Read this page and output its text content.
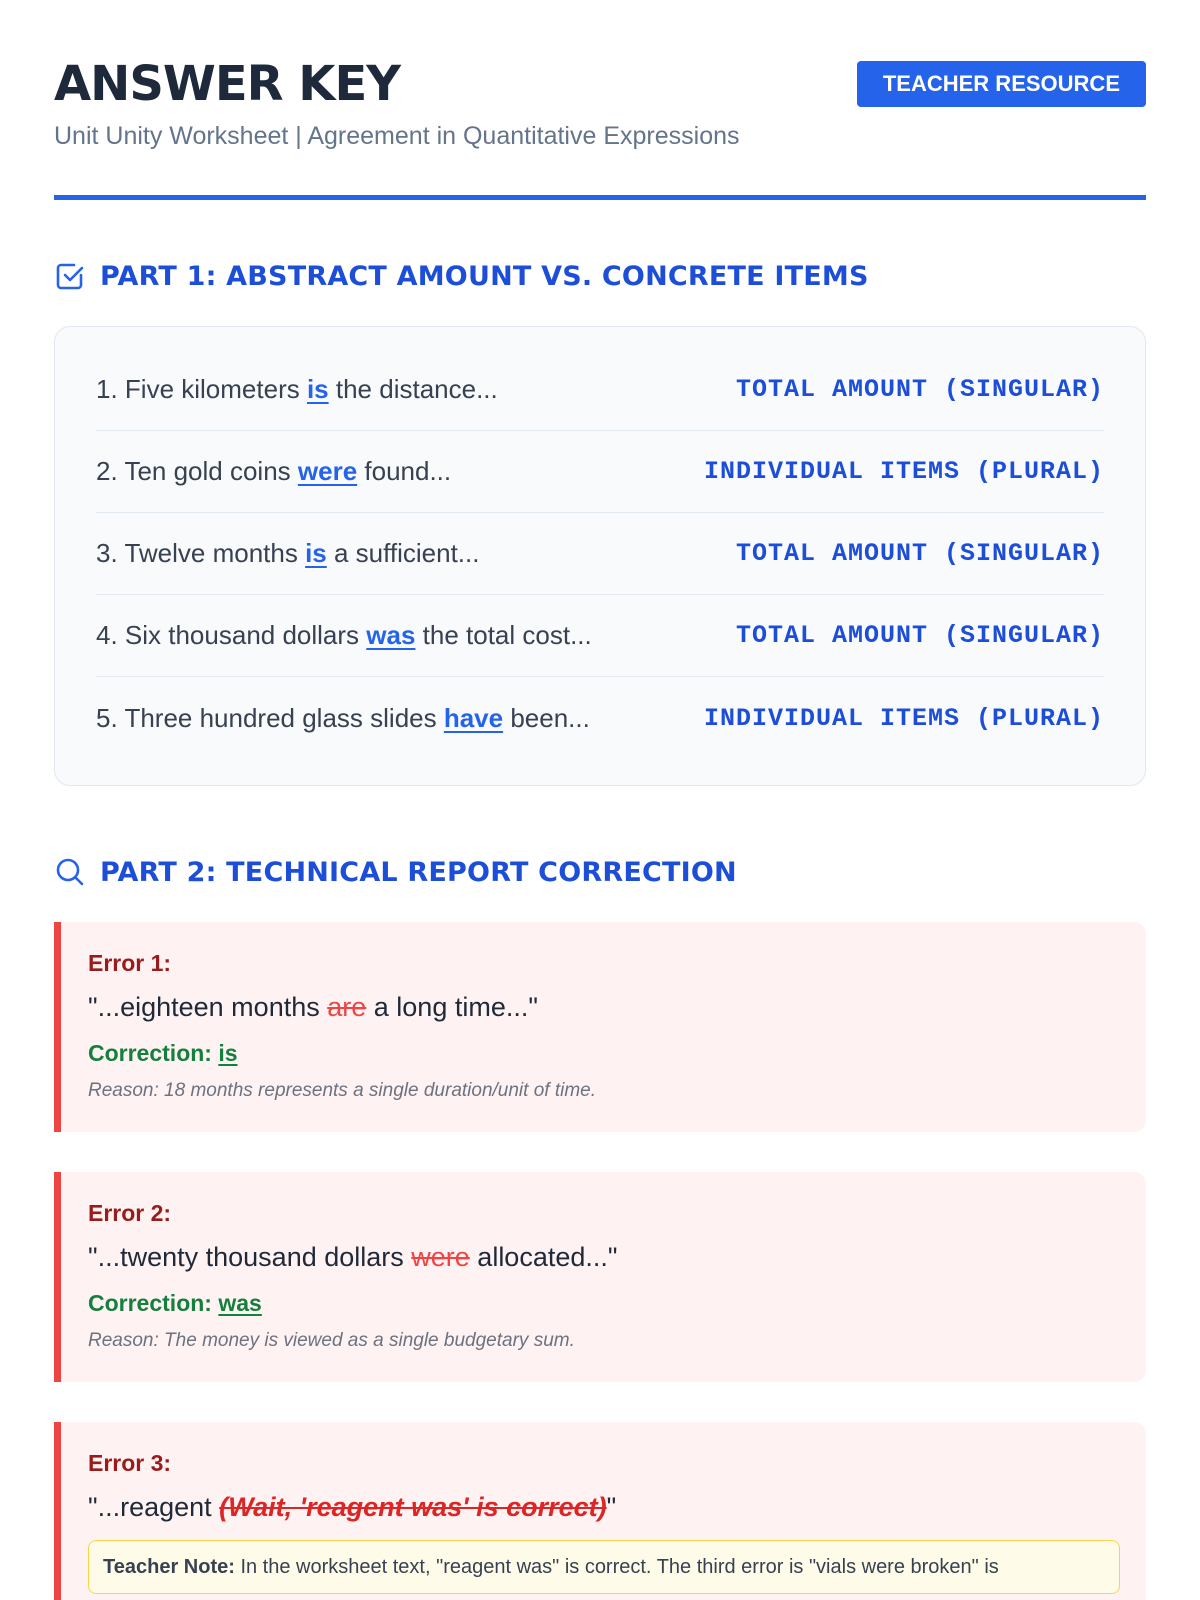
ANSWER KEY
Unit Unity Worksheet | Agreement in Quantitative Expressions
TEACHER RESOURCE
PART 1: ABSTRACT AMOUNT VS. CONCRETE ITEMS
1. Five kilometers is the distance...	TOTAL AMOUNT (SINGULAR)
2. Ten gold coins were found...	INDIVIDUAL ITEMS (PLURAL)
3. Twelve months is a sufficient...	TOTAL AMOUNT (SINGULAR)
4. Six thousand dollars was the total cost...	TOTAL AMOUNT (SINGULAR)
5. Three hundred glass slides have been...	INDIVIDUAL ITEMS (PLURAL)
PART 2: TECHNICAL REPORT CORRECTION
Error 1:
"...eighteen months are a long time..."
Correction: is
Reason: 18 months represents a single duration/unit of time.
Error 2:
"...twenty thousand dollars were allocated..."
Correction: was
Reason: The money is viewed as a single budgetary sum.
Error 3:
"...reagent (Wait, 'reagent was' is correct)"
Teacher Note: In the worksheet text, "reagent was" is correct. The third error is "vials were broken" is
